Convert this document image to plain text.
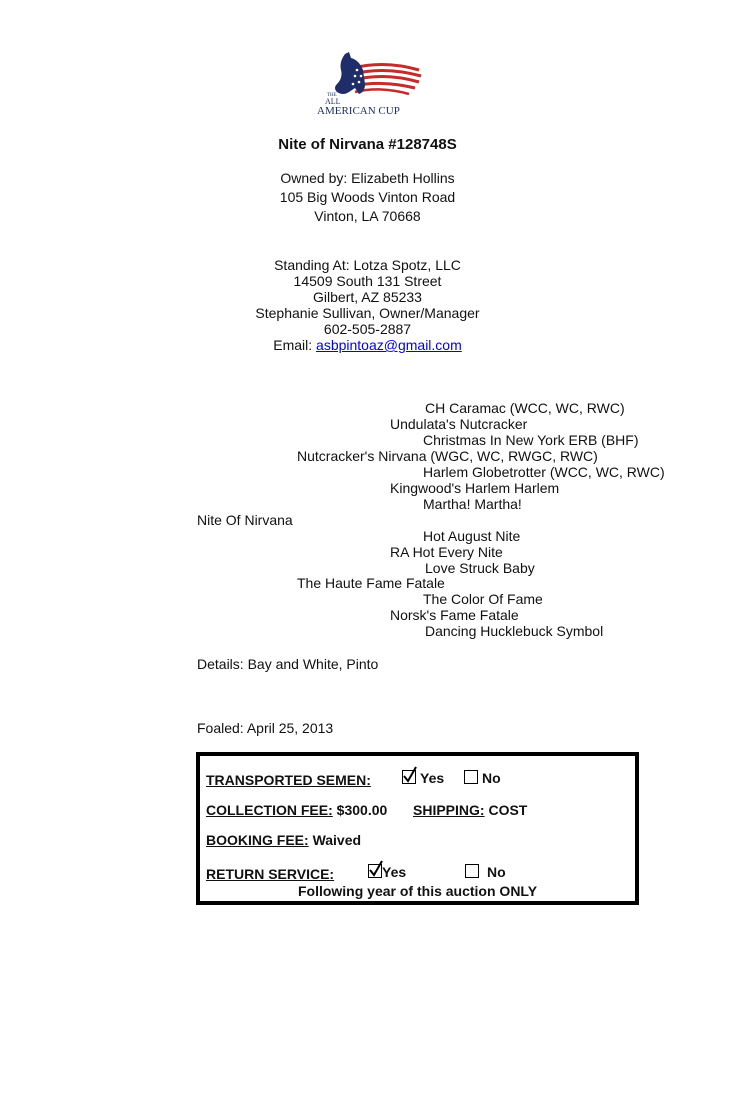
THE
ALL
AMERICAN CUP
Nite of Nirvana #128748S
Owned by: Elizabeth Hollins
105 Big Woods Vinton Road
Vinton, LA 70668
Standing At: Lotza Spotz, LLC
14509 South 131 Street
Gilbert, AZ 85233
Stephanie Sullivan, Owner/Manager
602-505-2887
Email: asbpintoaz@gmail.com
CH Caramac (WCC, WC, RWC)
Undulata's Nutcracker
Christmas In New York ERB (BHF)
Nutcracker's Nirvana (WGC, WC, RWGC, RWC)
Harlem Globetrotter (WCC, WC, RWC)
Kingwood's Harlem Harlem
Martha! Martha!
Nite Of Nirvana
Hot August Nite
RA Hot Every Nite
Love Struck Baby
The Haute Fame Fatale
The Color Of Fame
Norsk's Fame Fatale
Dancing Hucklebuck Symbol
Details: Bay and White, Pinto
Foaled: April 25, 2013
TRANSPORTED SEMEN:	Yes	No
COLLECTION FEE: $300.00 SHIPPING: COST
BOOKING FEE: Waived
RETURN SERVICE:	Yes	No
Following year of this auction ONLY
